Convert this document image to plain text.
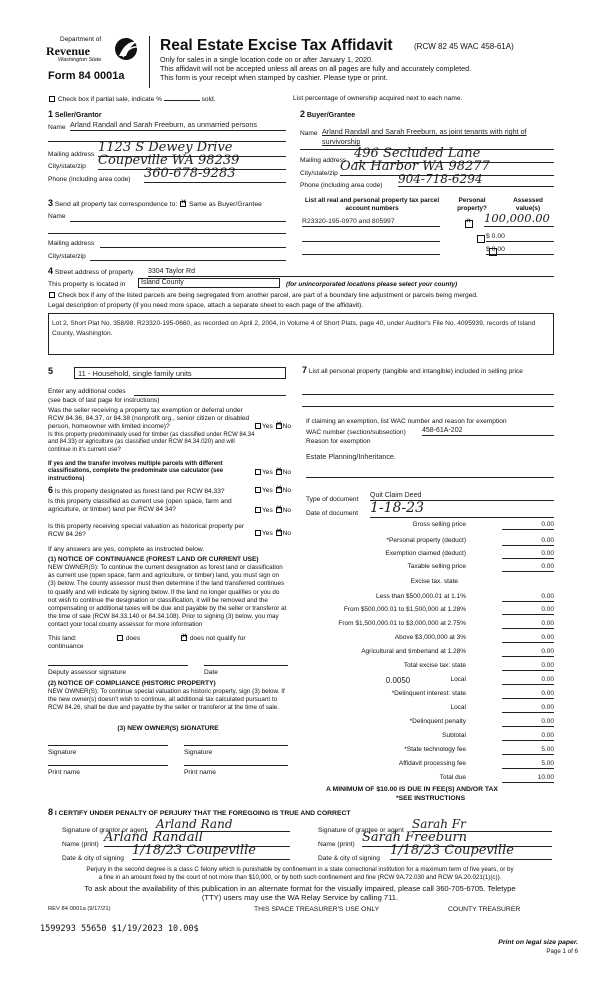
Department of
Revenue
Washington State
Form 84 0001a
Real Estate Excise Tax Affidavit	(RCW 82 45 WAC 458-61A)
Only for sales in a single location code on or after January 1, 2020.
This affidavit will not be accepted unless all areas on all pages are fully and accurately completed.
This form is your receipt when stamped by cashier. Please type or print.
Check box if partial sale, indicate %	sold.	List percentage of ownership acquired next to each name.
1 Seller/Grantor
Name Arland Randall and Sarah Freeburn, as unmarried persons
Mailing address 1123 S Dewey Drive
City/state/zip Coupeville WA 98239
Phone (including area code) 360-678-9283
2 Buyer/Grantee
Name Arland Randall and Sarah Freeburn, as joint tenants with right of survivorship
Mailing address 496 Secluded Lane
City/state/zip Oak Harbor WA 98277
Phone (including area code) 904-718-6294
3 Send all property tax correspondence to: ✕ Same as Buyer/Grantee
Name
Mailing address
City/state/zip
List all real and personal property tax parcel account numbers
Personal property?
Assessed value(s)
R23320-195-0970 and 805997 ✕	100,000.00

$ 0.00
$ 0.00
4 Street address of property 3304 Taylor Rd
This property is located in	Island County	(for unincorporated locations please select your county)
Check box if any of the listed parcels are being segregated from another parcel, are part of a boundary line adjustment or parcels being merged.
Legal description of property (if you need more space, attach a separate sheet to each page of the affidavit).
Lot 2, Short Plat No. 358/98. R23320-195-0660, as recorded on April 2, 2004, in Volume 4 of Short Plats, page 40, under Auditor's File No. 4095939, records of Island County, Washington.
5	11 - Household, single family units
Enter any additional codes
(see back of last page for instructions)
Was the seller receiving a property tax exemption or deferral under RCW 84.36, 84.37, or 84.38 (nonprofit org., senior citizen or disabled person, homeowner with limited income)?	Yes ✕ No
Is this property predominately used for timber (as classified under RCW 84.34 and 84.33) or agriculture (as classified under RCW 84.34.020) and will continue in it's current use?
If yes and the transfer involves multiple parcels with different classifications, complete the predominate use calculator (see instructions)
Yes ✕ No
6 Is this property designated as forest land per RCW 84.33?	Yes ✕ No
Is this property classified as current use (open space, farm and agriculture, or timber) land per RCW 84 34?	Yes ✕ No
Is this property receiving special valuation as historical property per RCW 84.26?	Yes ✕ No
If any answers are yes, complete as instructed below.
(1) NOTICE OF CONTINUANCE (FOREST LAND OR CURRENT USE)
NEW OWNER(S): To continue the current designation as forest land or classification as current use (open space, farm and agriculture, or timber) land, you must sign on (3) below. The county assessor must then determine if the land transferred continues to qualify and will indicate by signing below. If the land no longer qualifies or you do not wish to continue the designation or classification, it will be removed and the compensating or additional taxes will be due and payable by the seller or transferor at the time of sale (RCW 84.33.140 or 84.34.108). Prior to signing (3) below, you may contact your local county assessor for more information
This land:
continuance
does ✕	does not qualify for
Deputy assessor signature	Date
(2) NOTICE OF COMPLIANCE (HISTORIC PROPERTY)
NEW OWNER(S): To continue special valuation as historic property, sign (3) below. If the new owner(s) doesn't wish to continue, all additional tax calculated pursuant to RCW 84.26, shall be due and payable by the seller or transferor at the time of sale.
(3) NEW OWNER(S) SIGNATURE
Signature	Signature
Print name	Print name
7 List all personal property (tangible and intangible) included in selling price
If claiming an exemption, list WAC number and reason for exemption
WAC number (section/subsection) 458-61A-202
Reason for exemption
Estate Planning/Inheritance.
Type of document
Quit Claim Deed
Date of document 1-18-23
Gross selling price	0.00
*Personal property (deduct)	0.00
Exemption claimed (deduct)	0.00
Taxable selling price	0.00
Excise tax. state
Less than $500,000.01 at 1.1%	0.00
From $500,000.01 to $1,500,000 at 1.28%	0.00
From $1,500,000.01 to $3,000,000 at 2.75%	0.00
Above $3,000,000 at 3%	0.00
Agricultural and timberland at 1.28%	0.00
Total excise tax: state	0.00
0.0050	Local	0.00
*Delinquent interest: state	0.00
Local	0.00
*Delinquent penalty	0.00
Subtotal	0.00
*State technology fee	5.00
Affidavit processing fee	5.00
Total due	10.00
A MINIMUM OF $10.00 IS DUE IN FEE(S) AND/OR TAX
*SEE INSTRUCTIONS
8 I CERTIFY UNDER PENALTY OF PERJURY THAT THE FOREGOING IS TRUE AND CORRECT
Signature of grantor or agent Arland Rand
Name (print) Arland Randall
Date & city of signing
1/18/23 Coupeville
Signature of grantee or agent Sarah Fr
Name (print) Sarah Freeburn
Date & city of signing
1/18/23 Coupeville
Perjury in the second degree is a class C felony which is punishable by confinement in a state correctional institution for a maximum term of five years, or by
a fine in an amount fixed by the court of not more than $10,000, or by both such confinement and fine (RCW 9A.72.030 and RCW 9A.20.021(1)(c)).
To ask about the availability of this publication in an alternate format for the visually impaired, please call 360-705-6705. Teletype
(TTY) users may use the WA Relay Service by calling 711.
REV 84 0001a (9/17/21)	THIS SPACE TREASURER'S USE ONLY	COUNTY TREASURER
1599293 55650 $1/19/2023 10.00$
Print on legal size paper.
Page 1 of 6
